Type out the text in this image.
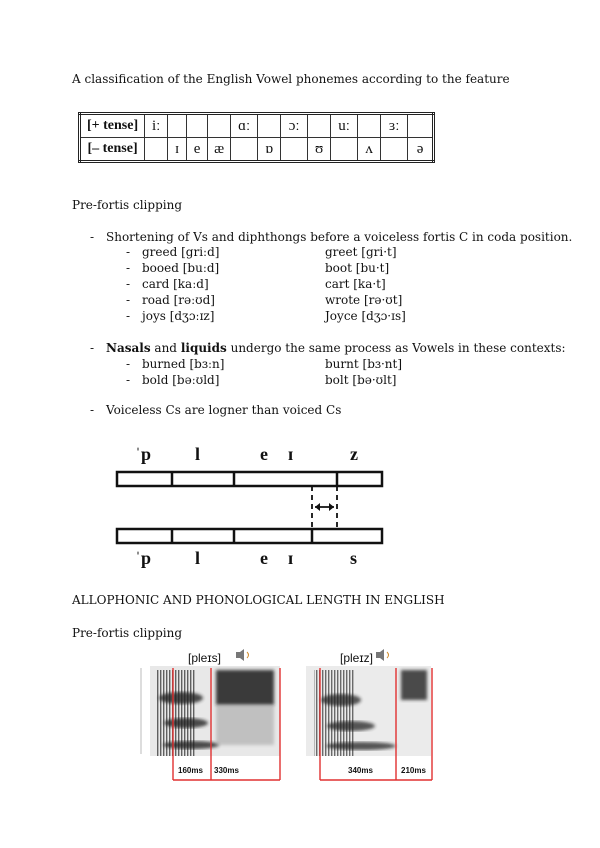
A classification of the English Vowel phonemes according to the feature
[+ tense]	iː				ɑː		ɔː		uː		ɜː	
[– tense]		ɪ	e	æ		ɒ		ʊ		ʌ		ə
Pre-fortis clipping
- Shortening of Vs and diphthongs before a voiceless fortis C in coda position.
- greed [griːd]	greet [gri·t]
- booed [buːd]	boot [bu·t]
- card [kaːd]	cart [ka·t]
- road [rəːʊd]	wrote [rə·ʊt]
- joys [dʒɔːɪz]	Joyce [dʒɔ·ɪs]
- Nasals and liquids undergo the same process as Vowels in these contexts:
- burned [bɜːn]	burnt [bɜ·nt]
- bold [bəːʊld]	bolt [bə·ʊlt]
- Voiceless Cs are logner than voiced Cs
ˈp l	e ɪ	z
ˈp l	e ɪ	s
ALLOPHONIC AND PHONOLOGICAL LENGTH IN ENGLISH
Pre-fortis clipping
[pleɪs]
160ms 330ms
[pleɪz]
340ms	210ms
